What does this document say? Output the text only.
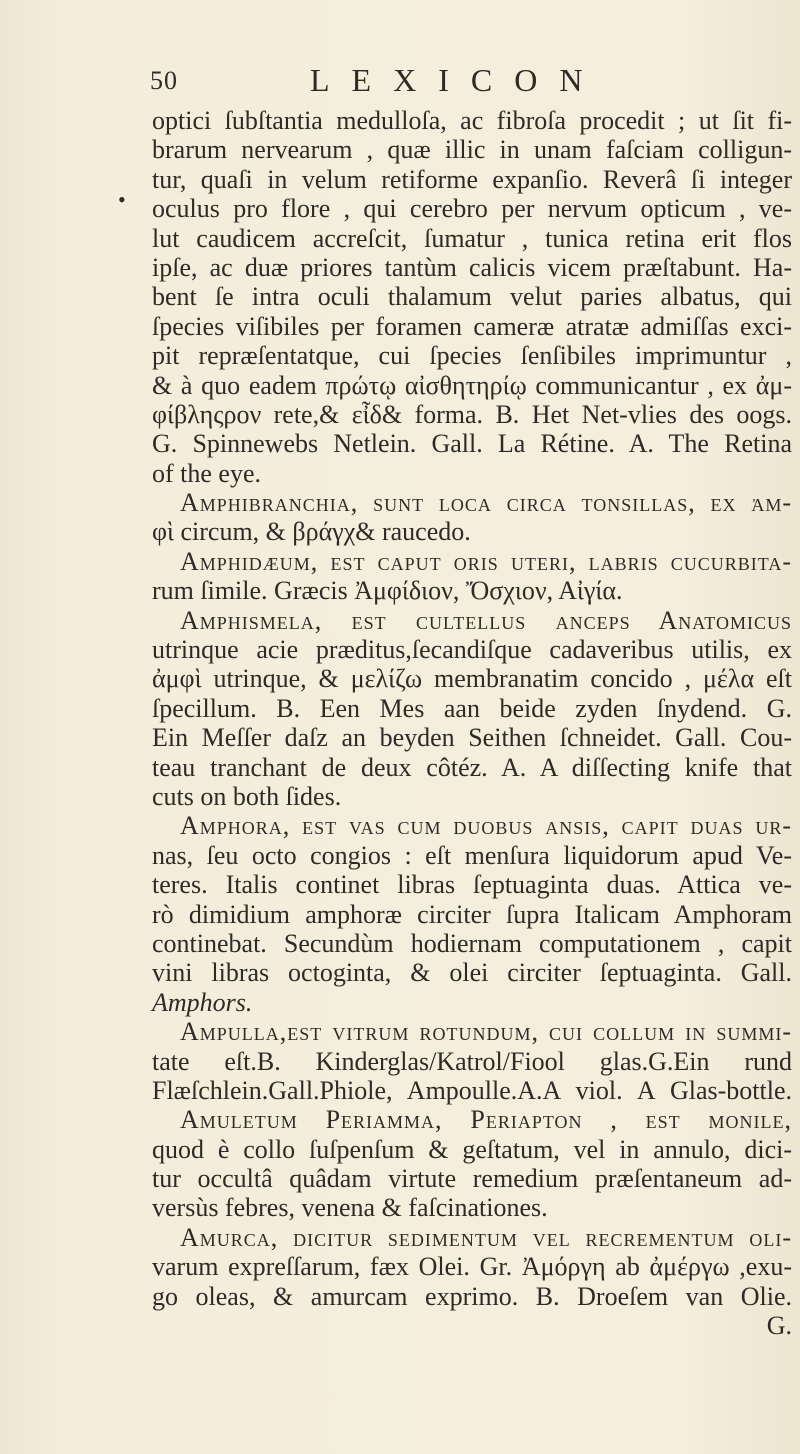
50	LEXICON
•
optici ſubſtantia medulloſa, ac fibroſa procedit ; ut ſit fi-
brarum nervearum , quæ illic in unam faſciam colligun-
tur, quaſi in velum retiforme expanſio. Reverâ ſi integer
oculus pro flore , qui cerebro per nervum opticum , ve-
lut caudicem accreſcit, ſumatur , tunica retina erit flos
ipſe, ac duæ priores tantùm calicis vicem præſtabunt. Ha-
bent ſe intra oculi thalamum velut paries albatus, qui
ſpecies viſibiles per foramen cameræ atratæ admiſſas exci-
pit repræſentatque, cui ſpecies ſenſibiles imprimuntur ,
& à quo eadem πρώτῳ αἰσθητηρίῳ communicantur , ex ἀμ-
φίβληςρον rete,& εἶδ& forma. B. Het Net-vlies des oogs.
G. Spinnewebs Netlein. Gall. La Rétine. A. The Retina
of the eye.
Amphibranchia, ſunt loca circa tonſillas, ex ἀμ-
φὶ circum, & βράγχ& raucedo.
Amphidæum, eſt caput oris uteri, labris cucurbita-
rum ſimile. Græcis Ἀμφίδιον, Ὄσχιον, Αἰγία.
Amphismela, eſt cultellus anceps Anatomicus
utrinque acie præditus,ſecandiſque cadaveribus utilis, ex
ἀμφὶ utrinque, & μελίζω membranatim concido , μέλα eſt
ſpecillum. B. Een Mes aan beide zyden ſnydend. G.
Ein Meſſer daſz an beyden Seithen ſchneidet. Gall. Cou-
teau tranchant de deux côtéz. A. A diſſecting knife that
cuts on both ſides.
Amphora, eſt vas cum duobus anſis, capit duas ur-
nas, ſeu octo congios : eſt menſura liquidorum apud Ve-
teres. Italis continet libras ſeptuaginta duas. Attica ve-
rò dimidium amphoræ circiter ſupra Italicam Amphoram
continebat. Secundùm hodiernam computationem , capit
vini libras octoginta, & olei circiter ſeptuaginta. Gall.
Amphors.
Ampulla,eſt vitrum rotundum, cui collum in ſummi-
tate eſt.B. Kinderglas/Katrol/Fiool glas.G.Ein rund
Flæſchlein.Gall.Phiole, Ampoulle.A.A viol. A Glas-bottle.
Amuletum Periamma, Periapton , eſt monile,
quod è collo ſuſpenſum & geſtatum, vel in annulo, dici-
tur occultâ quâdam virtute remedium præſentaneum ad-
versùs febres, venena & faſcinationes.
Amurca, dicitur ſedimentum vel recrementum oli-
varum expreſſarum, fæx Olei. Gr. Ἀμόργη ab ἀμέργω ,exu-
go oleas, & amurcam exprimo. B. Droeſem van Olie.
G.
